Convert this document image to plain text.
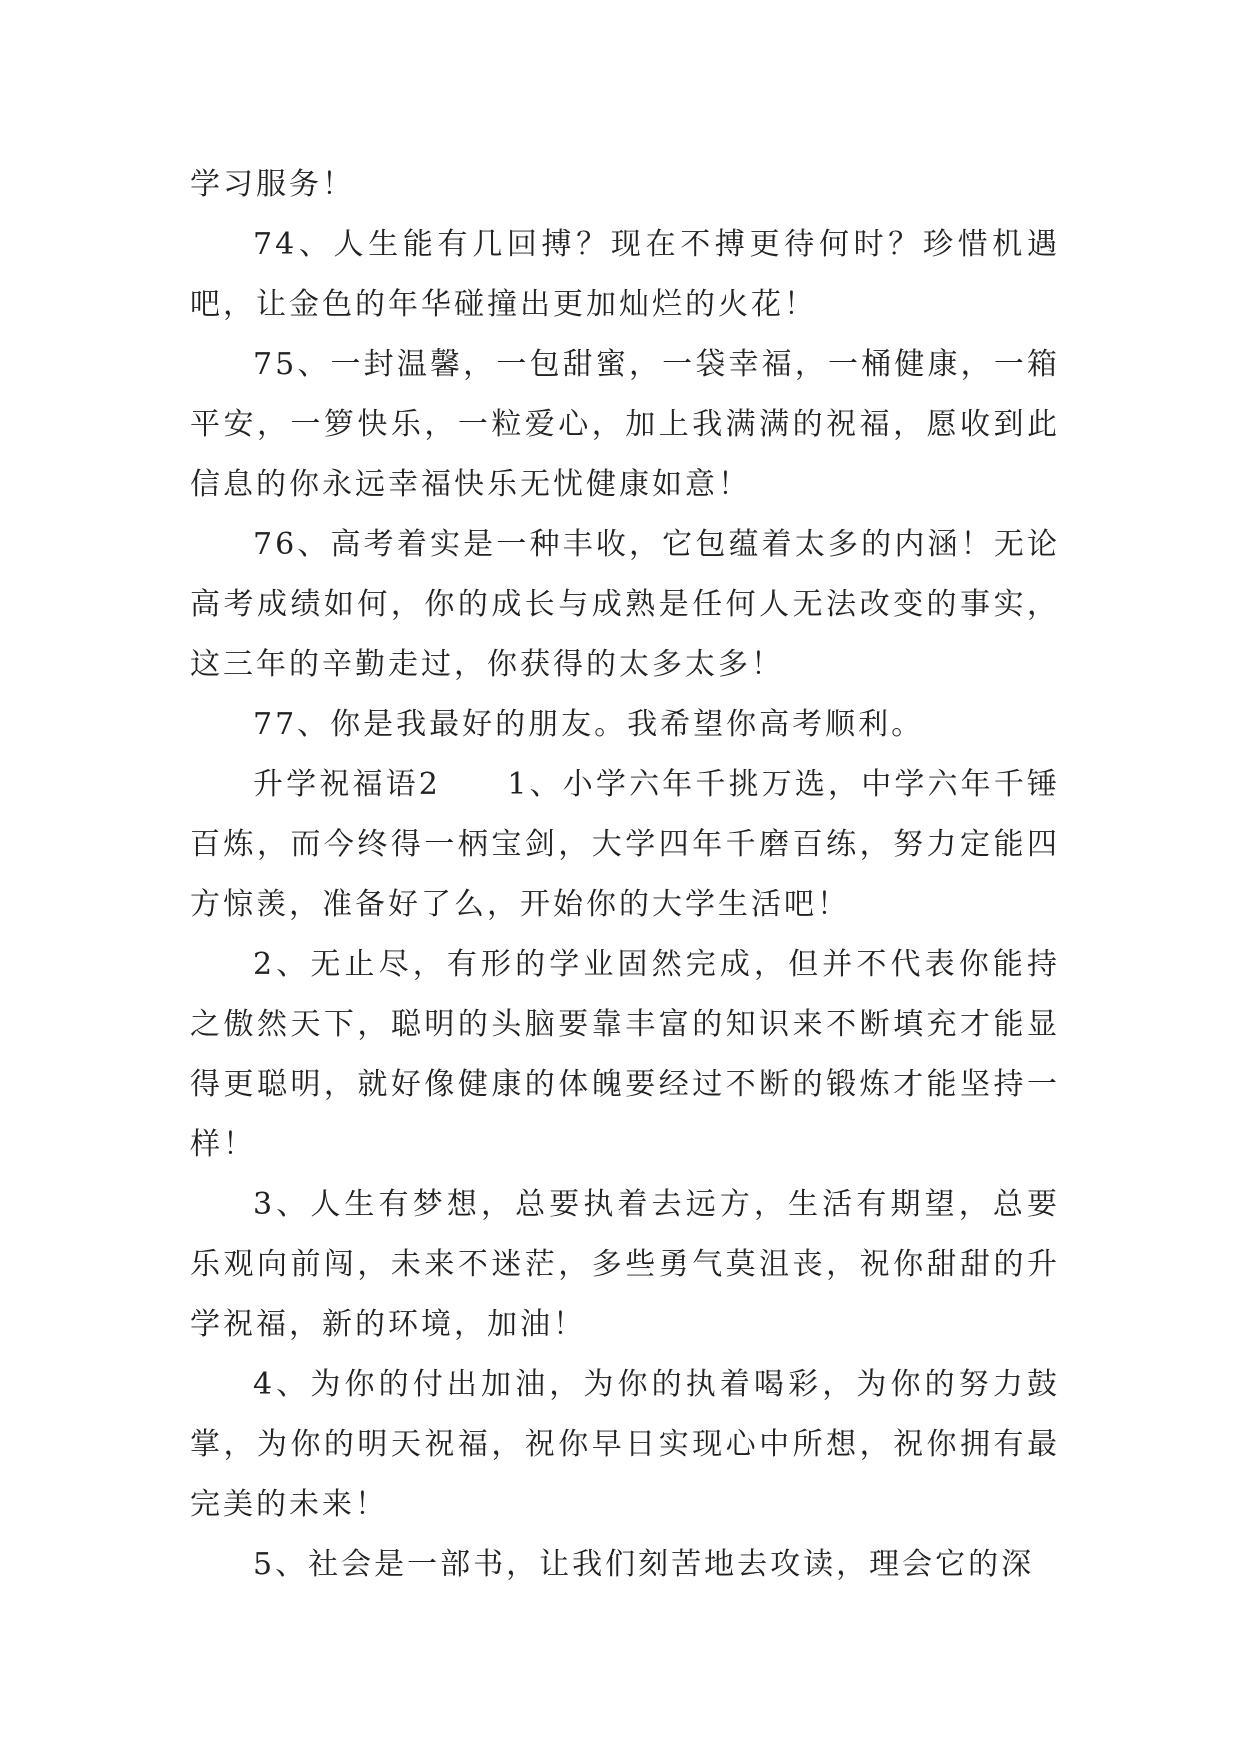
学习服务！

74、人生能有几回搏？现在不搏更待何时？珍惜机遇吧，让金色的年华碰撞出更加灿烂的火花！

75、一封温馨，一包甜蜜，一袋幸福，一桶健康，一箱平安，一箩快乐，一粒爱心，加上我满满的祝福，愿收到此信息的你永远幸福快乐无忧健康如意！

76、高考着实是一种丰收，它包蕴着太多的内涵！无论高考成绩如何，你的成长与成熟是任何人无法改变的事实，这三年的辛勤走过，你获得的太多太多！

77、你是我最好的朋友。我希望你高考顺利。

升学祝福语2　　1、小学六年千挑万选，中学六年千锤百炼，而今终得一柄宝剑，大学四年千磨百练，努力定能四方惊羡，准备好了么，开始你的大学生活吧！

2、无止尽，有形的学业固然完成，但并不代表你能持之傲然天下，聪明的头脑要靠丰富的知识来不断填充才能显得更聪明，就好像健康的体魄要经过不断的锻炼才能坚持一样！

3、人生有梦想，总要执着去远方，生活有期望，总要乐观向前闯，未来不迷茫，多些勇气莫沮丧，祝你甜甜的升学祝福，新的环境，加油！

4、为你的付出加油，为你的执着喝彩，为你的努力鼓掌，为你的明天祝福，祝你早日实现心中所想，祝你拥有最完美的未来！

5、社会是一部书，让我们刻苦地去攻读，理会它的深
